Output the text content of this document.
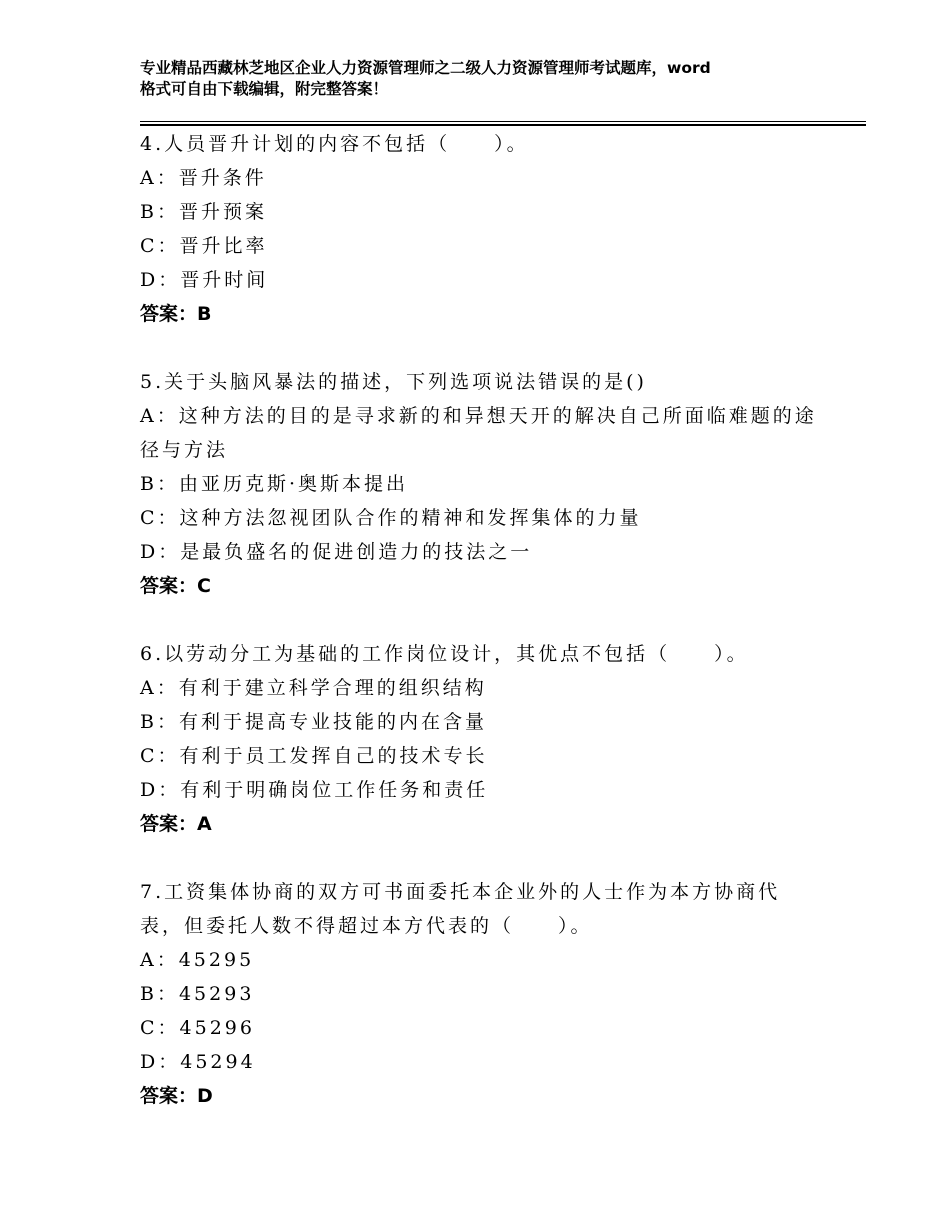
专业精品西藏林芝地区企业人力资源管理师之二级人力资源管理师考试题库，word
格式可自由下载编辑，附完整答案！

4.人员晋升计划的内容不包括（　　）。

A：晋升条件

B：晋升预案

C：晋升比率

D：晋升时间

答案：B

5.关于头脑风暴法的描述，下列选项说法错误的是()

A：这种方法的目的是寻求新的和异想天开的解决自己所面临难题的途

径与方法

B：由亚历克斯·奥斯本提出

C：这种方法忽视团队合作的精神和发挥集体的力量

D：是最负盛名的促进创造力的技法之一

答案：C

6.以劳动分工为基础的工作岗位设计，其优点不包括（　　）。

A：有利于建立科学合理的组织结构

B：有利于提高专业技能的内在含量

C：有利于员工发挥自己的技术专长

D：有利于明确岗位工作任务和责任

答案：A

7.工资集体协商的双方可书面委托本企业外的人士作为本方协商代

表，但委托人数不得超过本方代表的（　　）。

A：45295

B：45293

C：45296

D：45294

答案：D
